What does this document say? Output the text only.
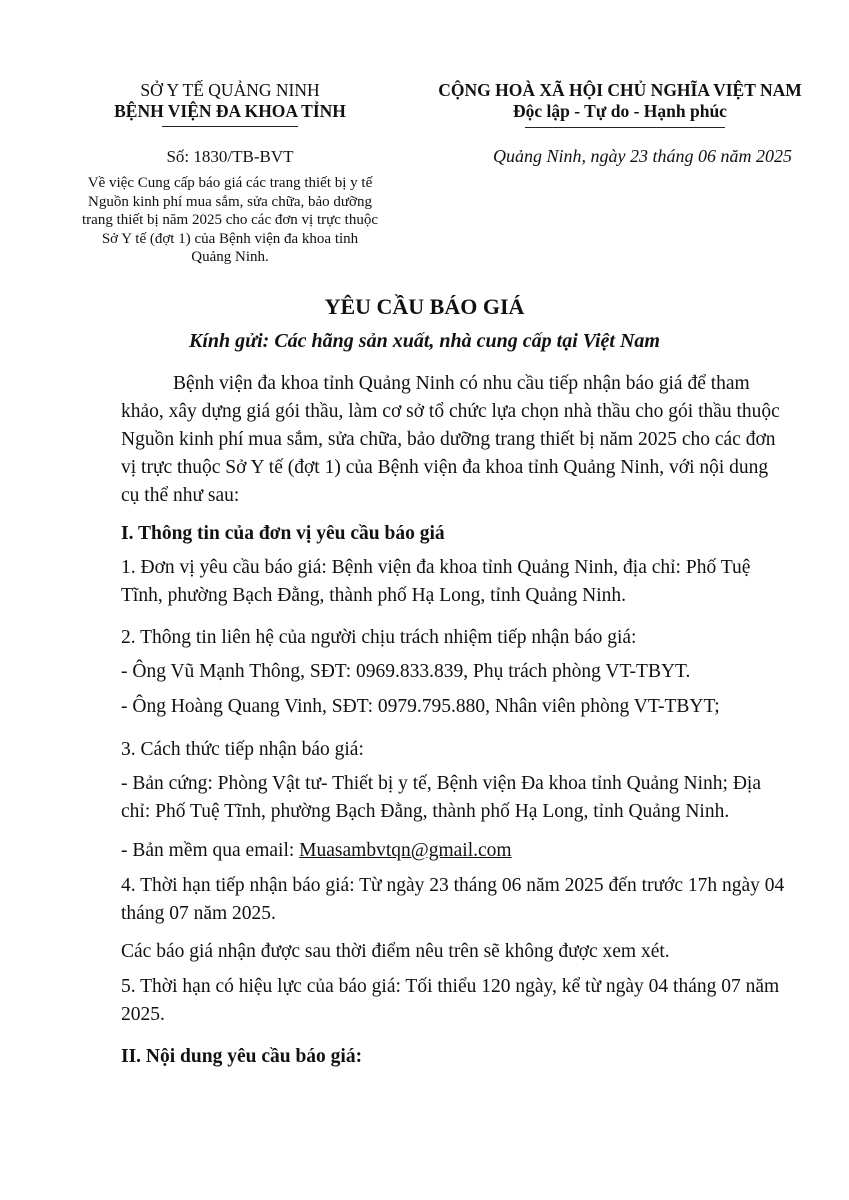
SỞ Y TẾ QUẢNG NINH
BỆNH VIỆN ĐA KHOA TỈNH
Số: 1830/TB-BVT
Về việc Cung cấp báo giá các trang thiết bị y tế
Nguồn kinh phí mua sắm, sửa chữa, bảo dưỡng
trang thiết bị năm 2025 cho các đơn vị trực thuộc
Sở Y tế (đợt 1) của Bệnh viện đa khoa tỉnh
Quảng Ninh.
CỘNG HOÀ XÃ HỘI CHỦ NGHĨA VIỆT NAM
Độc lập - Tự do - Hạnh phúc
Quảng Ninh, ngày 23 tháng 06 năm 2025
YÊU CẦU BÁO GIÁ
Kính gửi: Các hãng sản xuất, nhà cung cấp tại Việt Nam
Bệnh viện đa khoa tỉnh Quảng Ninh có nhu cầu tiếp nhận báo giá để tham khảo, xây dựng giá gói thầu, làm cơ sở tổ chức lựa chọn nhà thầu cho gói thầu thuộc Nguồn kinh phí mua sắm, sửa chữa, bảo dưỡng trang thiết bị năm 2025 cho các đơn vị trực thuộc Sở Y tế (đợt 1) của Bệnh viện đa khoa tỉnh Quảng Ninh, với nội dung cụ thể như sau:
I. Thông tin của đơn vị yêu cầu báo giá
1. Đơn vị yêu cầu báo giá: Bệnh viện đa khoa tỉnh Quảng Ninh, địa chỉ: Phố Tuệ Tĩnh, phường Bạch Đằng, thành phố Hạ Long, tỉnh Quảng Ninh.
2. Thông tin liên hệ của người chịu trách nhiệm tiếp nhận báo giá:
- Ông Vũ Mạnh Thông, SĐT: 0969.833.839, Phụ trách phòng VT-TBYT.
- Ông Hoàng Quang Vinh, SĐT: 0979.795.880, Nhân viên phòng VT-TBYT;
3. Cách thức tiếp nhận báo giá:
- Bản cứng: Phòng Vật tư- Thiết bị y tế, Bệnh viện Đa khoa tỉnh Quảng Ninh; Địa chỉ: Phố Tuệ Tĩnh, phường Bạch Đằng, thành phố Hạ Long, tỉnh Quảng Ninh.
- Bản mềm qua email: Muasambvtqn@gmail.com
4. Thời hạn tiếp nhận báo giá: Từ ngày 23 tháng 06 năm 2025 đến trước 17h ngày 04 tháng 07 năm 2025.
Các báo giá nhận được sau thời điểm nêu trên sẽ không được xem xét.
5. Thời hạn có hiệu lực của báo giá: Tối thiểu 120 ngày, kể từ ngày 04 tháng 07 năm 2025.
II. Nội dung yêu cầu báo giá:
